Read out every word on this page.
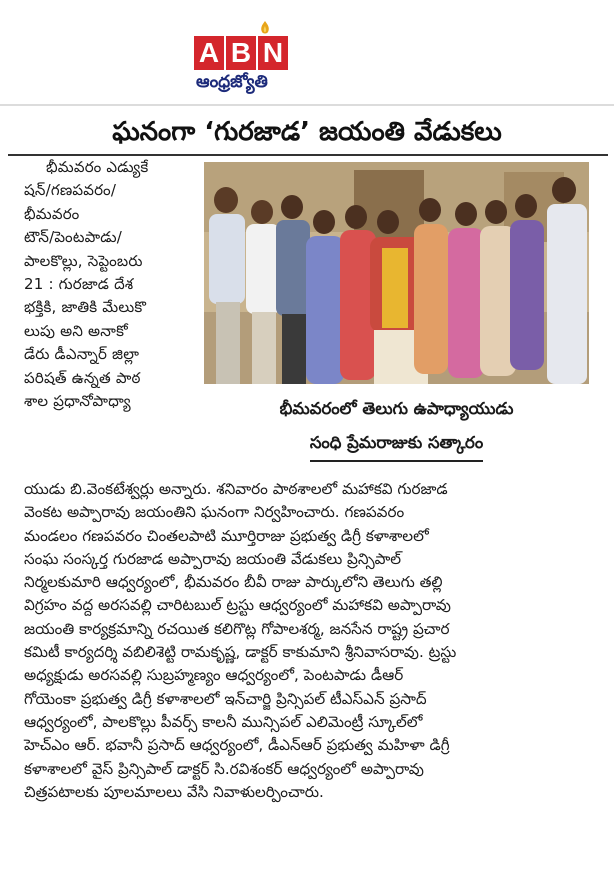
A B N
ఆంధ్రజ్యోతి
ఘనంగా ‘గురజాడ’ జయంతి వేడుకలు

భీమవరం ఎడ్యుకే

షన్/గణపవరం/

భీమవరం

టౌన్/పెంటపాడు/

పాలకొల్లు, సెప్టెంబరు

21 : గురజాడ దేశ

భక్తికి, జాతికి మేలుకొ

లుపు అని అనాకో

డేరు డీఎన్నార్ జిల్లా

పరిషత్ ఉన్నత పాఠ

శాల ప్రధానోపాధ్యా	భీమవరంలో తెలుగు ఉపాధ్యాయుడు
సంధి ప్రేమరాజుకు సత్కారం

యుడు బి.వెంకటేశ్వర్లు అన్నారు. శనివారం పాఠశాలలో మహాకవి గురజాడ

వెంకట అప్పారావు జయంతిని ఘనంగా నిర్వహించారు. గణపవరం

మండలం గణపవరం చింతలపాటి మూర్తిరాజు ప్రభుత్వ డిగ్రీ కళాశాలలో

సంఘ సంస్కర్త గురజాడ అప్పారావు జయంతి వేడుకలు ప్రిన్సిపాల్

నిర్మలకుమారి ఆధ్వర్యంలో, భీమవరం బీవీ రాజు పార్కులోని తెలుగు తల్లి

విగ్రహం వద్ద అరసవల్లి చారిటబుల్ ట్రస్టు ఆధ్వర్యంలో మహాకవి అప్పారావు

జయంతి కార్యక్రమాన్ని రచయిత కలిగొట్ల గోపాలశర్మ, జనసేన రాష్ట్ర ప్రచార

కమిటీ కార్యదర్శి వబిలిశెట్టి రామకృష్ణ, డాక్టర్ కాకుమాని శ్రీనివాసరావు. ట్రస్టు

అధ్యక్షుడు అరసవల్లి సుబ్రహ్మణ్యం ఆధ్వర్యంలో, పెంటపాడు డీఆర్

గోయెంకా ప్రభుత్వ డిగ్రీ కళాశాలలో ఇన్‌చార్జి ప్రిన్సిపల్ టీఎస్ఎన్ ప్రసాద్

ఆధ్వర్యంలో, పాలకొల్లు పీవర్స్ కాలనీ మున్సిపల్ ఎలిమెంట్రీ స్కూల్‌లో

హెచ్ఎం ఆర్. భవానీ ప్రసాద్ ఆధ్వర్యంలో, డీఎన్ఆర్ ప్రభుత్వ మహిళా డిగ్రీ

కళాశాలలో వైస్ ప్రిన్సిపాల్ డాక్టర్ సి.రవిశంకర్ ఆధ్వర్యంలో అప్పారావు

చిత్రపటాలకు పూలమాలలు వేసి నివాళులర్పించారు.
